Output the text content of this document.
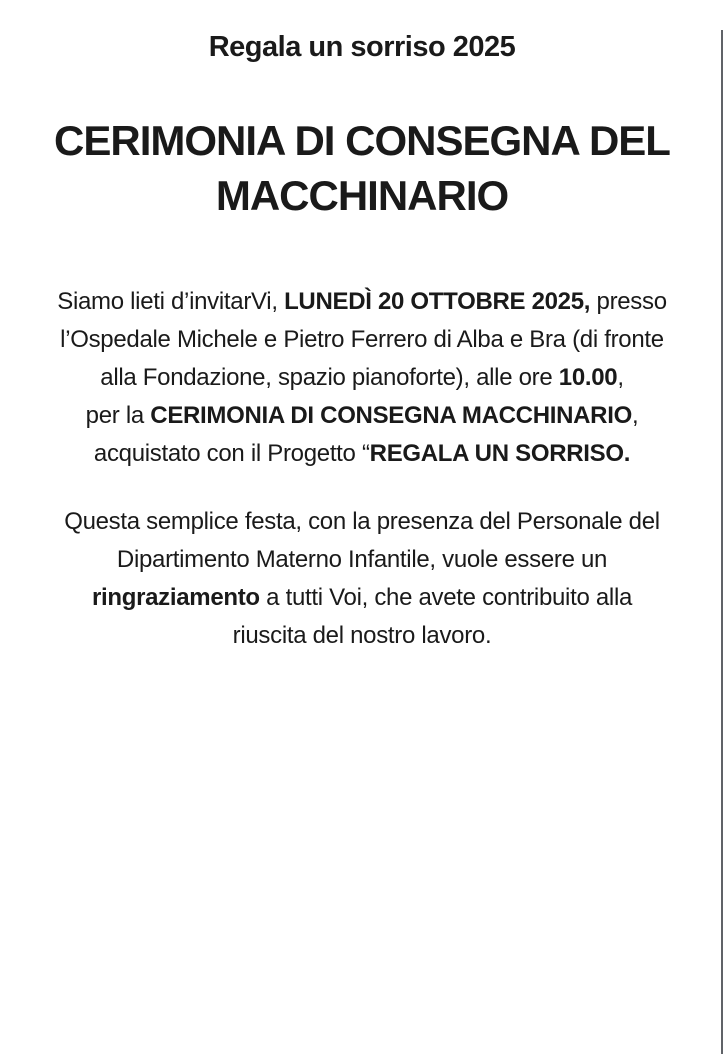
Regala un sorriso 2025
CERIMONIA DI CONSEGNA DEL
MACCHINARIO

Siamo lieti d’invitarVi, LUNEDÌ 20 OTTOBRE 2025, presso
l’Ospedale Michele e Pietro Ferrero di Alba e Bra (di fronte
alla Fondazione, spazio pianoforte), alle ore 10.00,
per la CERIMONIA DI CONSEGNA MACCHINARIO,
acquistato con il Progetto “REGALA UN SORRISO.

Questa semplice festa, con la presenza del Personale del
Dipartimento Materno Infantile, vuole essere un
ringraziamento a tutti Voi, che avete contribuito alla
riuscita del nostro lavoro.
